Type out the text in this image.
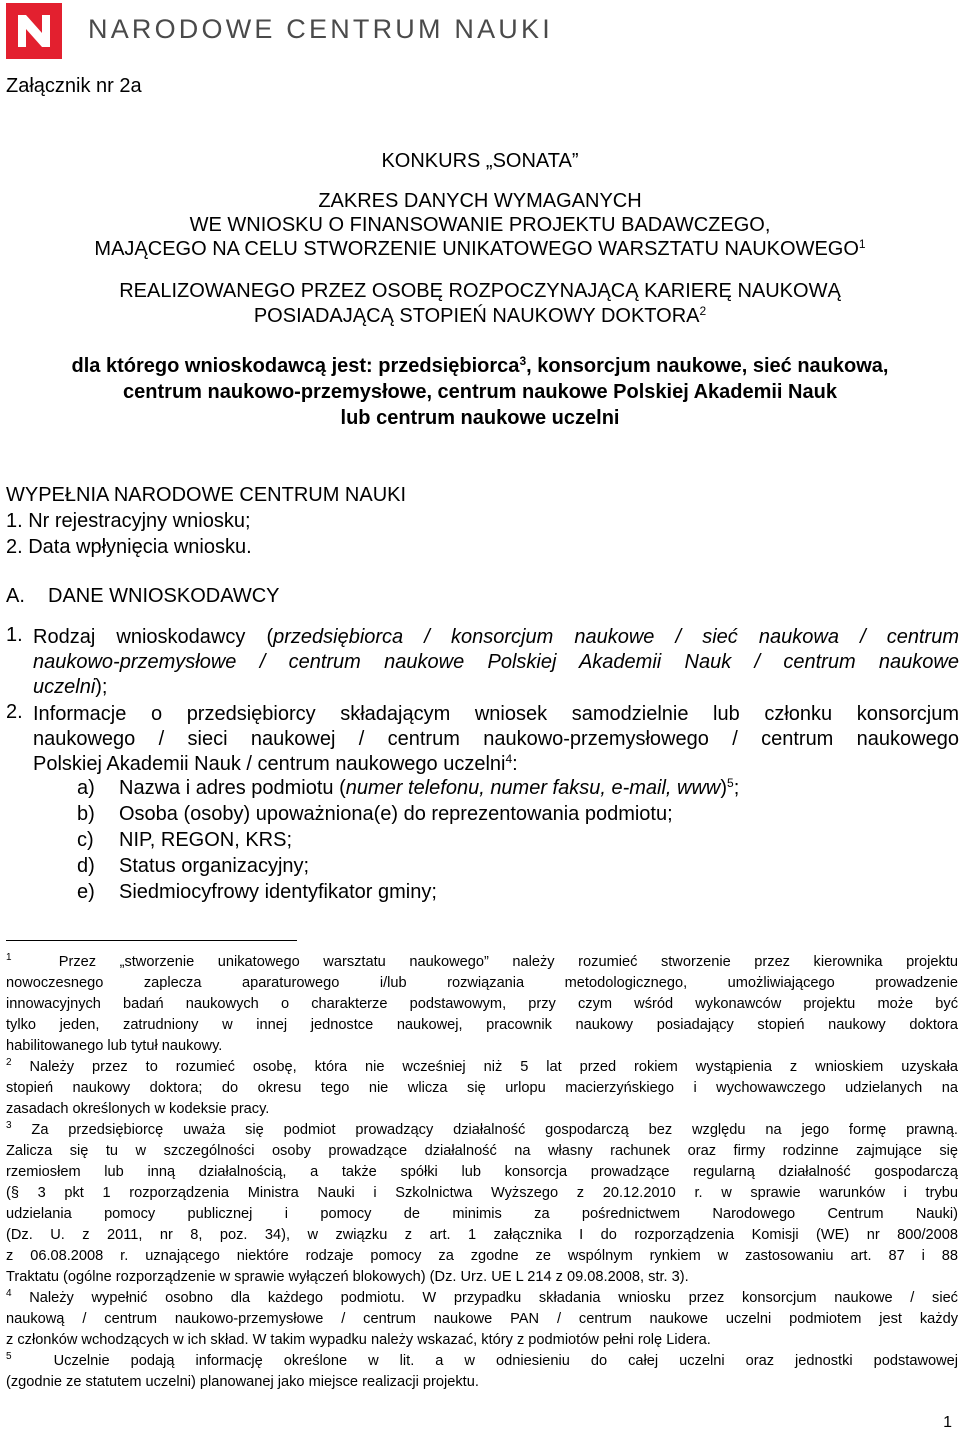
NARODOWE CENTRUM NAUKI
Załącznik nr 2a
KONKURS „SONATA”
ZAKRES DANYCH WYMAGANYCH
WE WNIOSKU O FINANSOWANIE PROJEKTU BADAWCZEGO,
MAJĄCEGO NA CELU STWORZENIE UNIKATOWEGO WARSZTATU NAUKOWEGO$^1$
REALIZOWANEGO PRZEZ OSOBĘ ROZPOCZYNAJĄCĄ KARIERĘ NAUKOWĄ
POSIADAJĄCĄ STOPIEŃ NAUKOWY DOKTORA$^2$
dla którego wnioskodawcą jest: przedsiębiorca$^3$, konsorcjum naukowe, sieć naukowa,
centrum naukowo-przemysłowe, centrum naukowe Polskiej Akademii Nauk
lub centrum naukowe uczelni
WYPEŁNIA NARODOWE CENTRUM NAUKI
1. Nr rejestracyjny wniosku;
2. Data wpłynięcia wniosku.
A. DANE WNIOSKODAWCY
1. Rodzaj wnioskodawcy (przedsiębiorca / konsorcjum naukowe / sieć naukowa / centrum
naukowo-przemysłowe / centrum naukowe Polskiej Akademii Nauk / centrum naukowe
uczelni);
2. Informacje o przedsiębiorcy składającym wniosek samodzielnie lub członku konsorcjum
naukowego / sieci naukowej / centrum naukowo-przemysłowego / centrum naukowego
Polskiej Akademii Nauk / centrum naukowego uczelni$^4$:
a) Nazwa i adres podmiotu (numer telefonu, numer faksu, e-mail, www)$^5$;
b) Osoba (osoby) upoważniona(e) do reprezentowania podmiotu;
c) NIP, REGON, KRS;
d) Status organizacyjny;
e) Siedmiocyfrowy identyfikator gminy;
$^1$	Przez „stworzenie unikatowego warsztatu naukowego” należy rozumieć stworzenie przez kierownika projektu
nowoczesnego zaplecza aparaturowego i/lub rozwiązania metodologicznego, umożliwiającego prowadzenie
innowacyjnych badań naukowych o charakterze podstawowym, przy czym wśród wykonawców projektu może być
tylko jeden, zatrudniony w innej jednostce naukowej, pracownik naukowy posiadający stopień naukowy doktora
habilitowanego lub tytuł naukowy.
$^2$ Należy przez to rozumieć osobę, która nie wcześniej niż 5 lat przed rokiem wystąpienia z wnioskiem uzyskała
stopień naukowy doktora; do okresu tego nie wlicza się urlopu macierzyńskiego i wychowawczego udzielanych na
zasadach określonych w kodeksie pracy.
$^3$ Za przedsiębiorcę uważa się podmiot prowadzący działalność gospodarczą bez względu na jego formę prawną.
Zalicza się tu w szczególności osoby prowadzące działalność na własny rachunek oraz firmy rodzinne zajmujące się
rzemiosłem lub inną działalnością, a także spółki lub konsorcja prowadzące regularną działalność gospodarczą
(§ 3 pkt 1 rozporządzenia Ministra Nauki i Szkolnictwa Wyższego z 20.12.2010 r. w sprawie warunków i trybu
udzielania pomocy publicznej i pomocy de minimis za pośrednictwem Narodowego Centrum Nauki)
(Dz. U. z 2011, nr 8, poz. 34), w związku z art. 1 załącznika I do rozporządzenia Komisji (WE) nr 800/2008
z 06.08.2008 r. uznającego niektóre rodzaje pomocy za zgodne ze wspólnym rynkiem w zastosowaniu art. 87 i 88
Traktatu (ogólne rozporządzenie w sprawie wyłączeń blokowych) (Dz. Urz. UE L 214 z 09.08.2008, str. 3).
$^4$ Należy wypełnić osobno dla każdego podmiotu. W przypadku składania wniosku przez konsorcjum naukowe / sieć
naukową / centrum naukowo-przemysłowe / centrum naukowe PAN / centrum naukowe uczelni podmiotem jest każdy
z członków wchodzących w ich skład. W takim wypadku należy wskazać, który z podmiotów pełni rolę Lidera.
$^5$	Uczelnie podają informację określone w lit. a w odniesieniu do całej uczelni oraz jednostki podstawowej
(zgodnie ze statutem uczelni) planowanej jako miejsce realizacji projektu.
1
